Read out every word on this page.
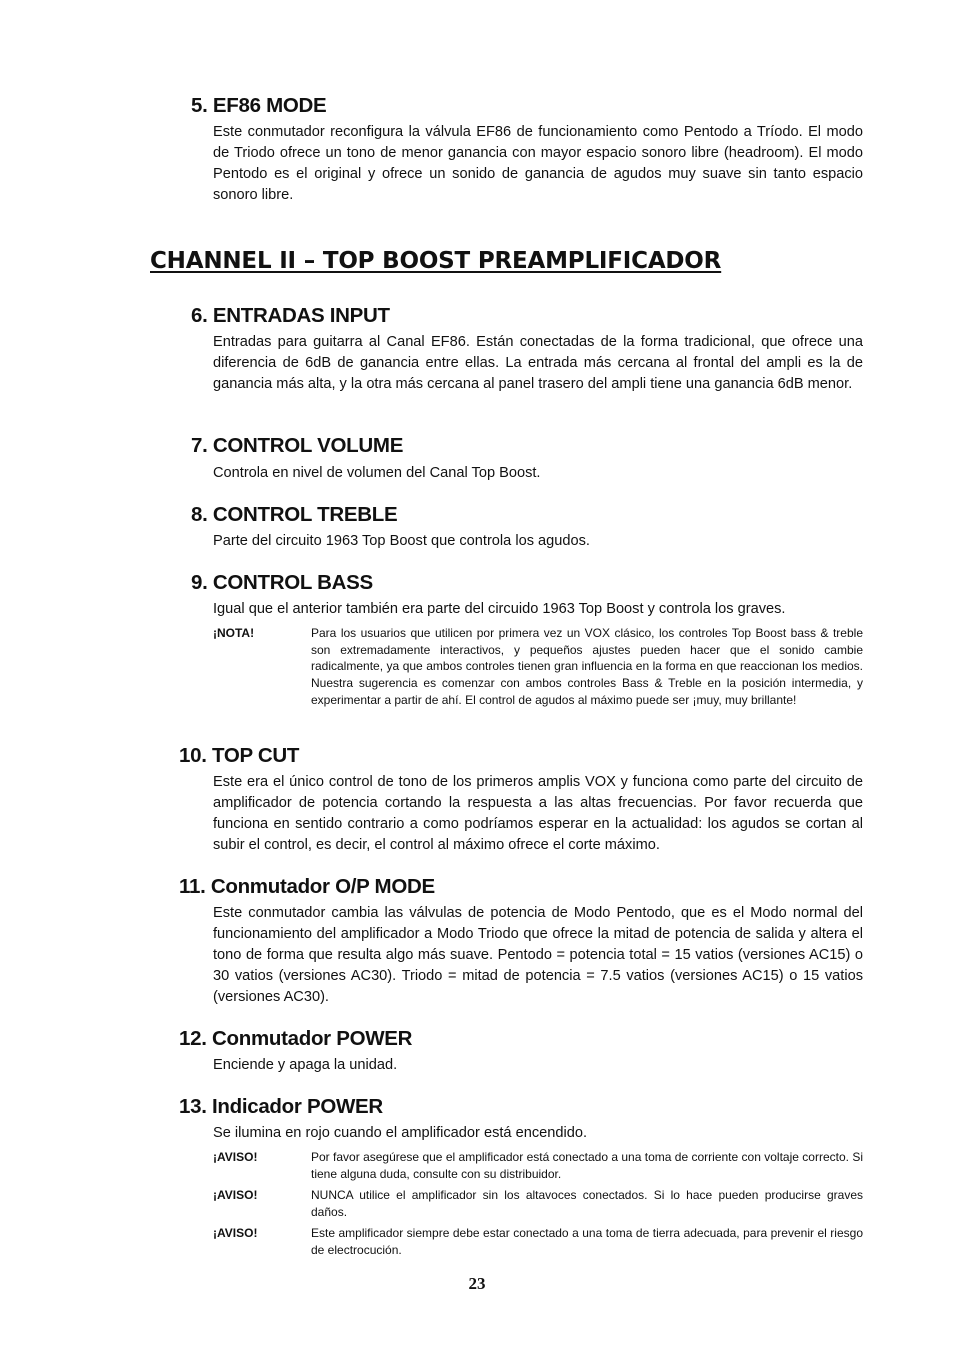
5. EF86 MODE

Este conmutador reconfigura la válvula EF86 de funcionamiento como Pentodo a Tríodo. El modo de Triodo ofrece un tono de menor ganancia con mayor espacio sonoro libre (headroom). El modo Pentodo es el original y ofrece un sonido de ganancia de agudos muy suave sin tanto espacio sonoro libre.

CHANNEL II – TOP BOOST PREAMPLIFICADOR
6. ENTRADAS INPUT

Entradas para guitarra al Canal EF86. Están conectadas de la forma tradicional, que ofrece una diferencia de 6dB de ganancia entre ellas. La entrada más cercana al frontal del ampli es la de ganancia más alta, y la otra más cercana al panel trasero del ampli tiene una ganancia 6dB menor.

7. CONTROL VOLUME

Controla en nivel de volumen del Canal Top Boost.

8. CONTROL TREBLE

Parte del circuito 1963 Top Boost que controla los agudos.

9. CONTROL BASS

Igual que el anterior también era parte del circuido 1963 Top Boost y controla los graves.

¡NOTA!	Para los usuarios que utilicen por primera vez un VOX clásico, los controles Top Boost bass & treble son extremadamente interactivos, y pequeños ajustes pueden hacer que el sonido cambie radicalmente, ya que ambos controles tienen gran influencia en la forma en que reaccionan los medios. Nuestra sugerencia es comenzar con ambos controles Bass & Treble en la posición intermedia, y experimentar a partir de ahí. El control de agudos al máximo puede ser ¡muy, muy brillante!

10. TOP CUT

Este era el único control de tono de los primeros amplis VOX y funciona como parte del circuito de amplificador de potencia cortando la respuesta a las altas frecuencias. Por favor recuerda que funciona en sentido contrario a como podríamos esperar en la actualidad: los agudos se cortan al subir el control, es decir, el control al máximo ofrece el corte máximo.

11. Conmutador O/P MODE

Este conmutador cambia las válvulas de potencia de Modo Pentodo, que es el Modo normal del funcionamiento del amplificador a Modo Triodo que ofrece la mitad de potencia de salida y altera el tono de forma que resulta algo más suave. Pentodo = potencia total = 15 vatios (versiones AC15) o 30 vatios (versiones AC30). Triodo = mitad de potencia = 7.5 vatios (versiones AC15) o 15 vatios (versiones AC30).

12. Conmutador POWER

Enciende y apaga la unidad.

13. Indicador POWER

Se ilumina en rojo cuando el amplificador está encendido.

¡AVISO!	Por favor asegúrese que el amplificador está conectado a una toma de corriente con voltaje correcto. Si tiene alguna duda, consulte con su distribuidor.

¡AVISO!	NUNCA utilice el amplificador sin los altavoces conectados. Si lo hace pueden producirse graves daños.

¡AVISO!	Este amplificador siempre debe estar conectado a una toma de tierra adecuada, para prevenir el riesgo de electrocución.

23
